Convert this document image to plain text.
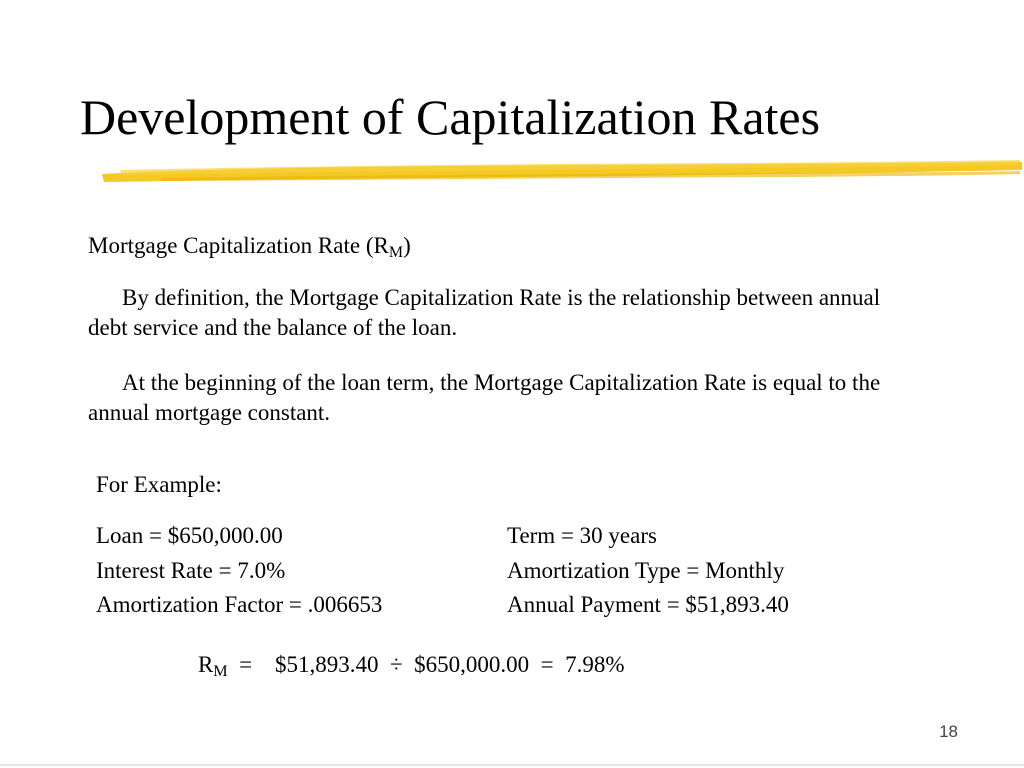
Development of Capitalization Rates
Mortgage Capitalization Rate $(R_M)$
By definition, the Mortgage Capitalization Rate is the relationship between annual debt service and the balance of the loan.
At the beginning of the loan term, the Mortgage Capitalization Rate is equal to the annual mortgage constant.
For Example:
Loan = $650,000.00	Term = 30 years
Interest Rate = 7.0%	Amortization Type = Monthly
Amortization Factor = .006653	Annual Payment = $51,893.40
$R_M$  =    $51,893.40  ÷  $650,000.00  =  7.98%
18
